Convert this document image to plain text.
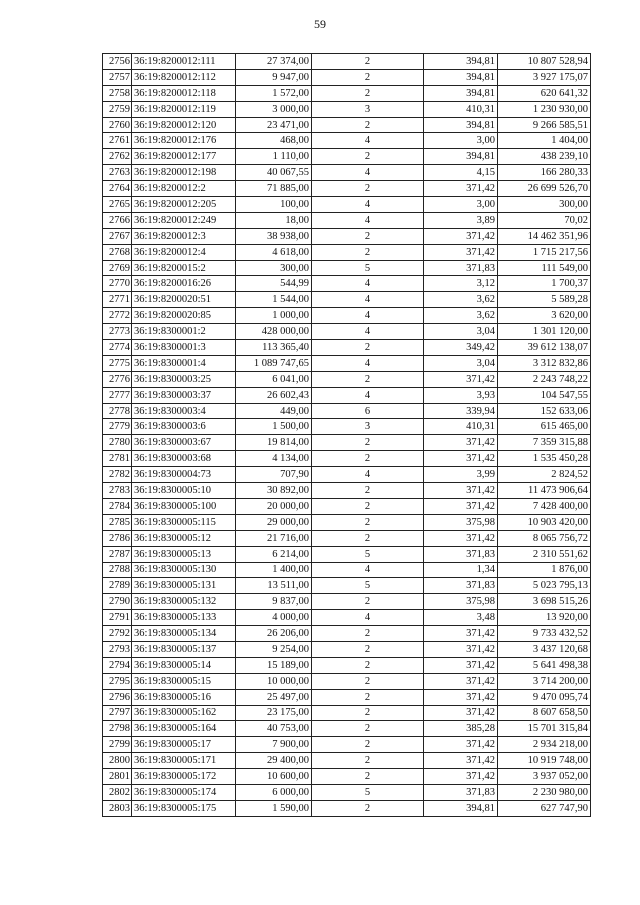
59
2756	36:19:8200012:111	27 374,00	2	394,81	10 807 528,94
2757	36:19:8200012:112	9 947,00	2	394,81	3 927 175,07
2758	36:19:8200012:118	1 572,00	2	394,81	620 641,32
2759	36:19:8200012:119	3 000,00	3	410,31	1 230 930,00
2760	36:19:8200012:120	23 471,00	2	394,81	9 266 585,51
2761	36:19:8200012:176	468,00	4	3,00	1 404,00
2762	36:19:8200012:177	1 110,00	2	394,81	438 239,10
2763	36:19:8200012:198	40 067,55	4	4,15	166 280,33
2764	36:19:8200012:2	71 885,00	2	371,42	26 699 526,70
2765	36:19:8200012:205	100,00	4	3,00	300,00
2766	36:19:8200012:249	18,00	4	3,89	70,02
2767	36:19:8200012:3	38 938,00	2	371,42	14 462 351,96
2768	36:19:8200012:4	4 618,00	2	371,42	1 715 217,56
2769	36:19:8200015:2	300,00	5	371,83	111 549,00
2770	36:19:8200016:26	544,99	4	3,12	1 700,37
2771	36:19:8200020:51	1 544,00	4	3,62	5 589,28
2772	36:19:8200020:85	1 000,00	4	3,62	3 620,00
2773	36:19:8300001:2	428 000,00	4	3,04	1 301 120,00
2774	36:19:8300001:3	113 365,40	2	349,42	39 612 138,07
2775	36:19:8300001:4	1 089 747,65	4	3,04	3 312 832,86
2776	36:19:8300003:25	6 041,00	2	371,42	2 243 748,22
2777	36:19:8300003:37	26 602,43	4	3,93	104 547,55
2778	36:19:8300003:4	449,00	6	339,94	152 633,06
2779	36:19:8300003:6	1 500,00	3	410,31	615 465,00
2780	36:19:8300003:67	19 814,00	2	371,42	7 359 315,88
2781	36:19:8300003:68	4 134,00	2	371,42	1 535 450,28
2782	36:19:8300004:73	707,90	4	3,99	2 824,52
2783	36:19:8300005:10	30 892,00	2	371,42	11 473 906,64
2784	36:19:8300005:100	20 000,00	2	371,42	7 428 400,00
2785	36:19:8300005:115	29 000,00	2	375,98	10 903 420,00
2786	36:19:8300005:12	21 716,00	2	371,42	8 065 756,72
2787	36:19:8300005:13	6 214,00	5	371,83	2 310 551,62
2788	36:19:8300005:130	1 400,00	4	1,34	1 876,00
2789	36:19:8300005:131	13 511,00	5	371,83	5 023 795,13
2790	36:19:8300005:132	9 837,00	2	375,98	3 698 515,26
2791	36:19:8300005:133	4 000,00	4	3,48	13 920,00
2792	36:19:8300005:134	26 206,00	2	371,42	9 733 432,52
2793	36:19:8300005:137	9 254,00	2	371,42	3 437 120,68
2794	36:19:8300005:14	15 189,00	2	371,42	5 641 498,38
2795	36:19:8300005:15	10 000,00	2	371,42	3 714 200,00
2796	36:19:8300005:16	25 497,00	2	371,42	9 470 095,74
2797	36:19:8300005:162	23 175,00	2	371,42	8 607 658,50
2798	36:19:8300005:164	40 753,00	2	385,28	15 701 315,84
2799	36:19:8300005:17	7 900,00	2	371,42	2 934 218,00
2800	36:19:8300005:171	29 400,00	2	371,42	10 919 748,00
2801	36:19:8300005:172	10 600,00	2	371,42	3 937 052,00
2802	36:19:8300005:174	6 000,00	5	371,83	2 230 980,00
2803	36:19:8300005:175	1 590,00	2	394,81	627 747,90
